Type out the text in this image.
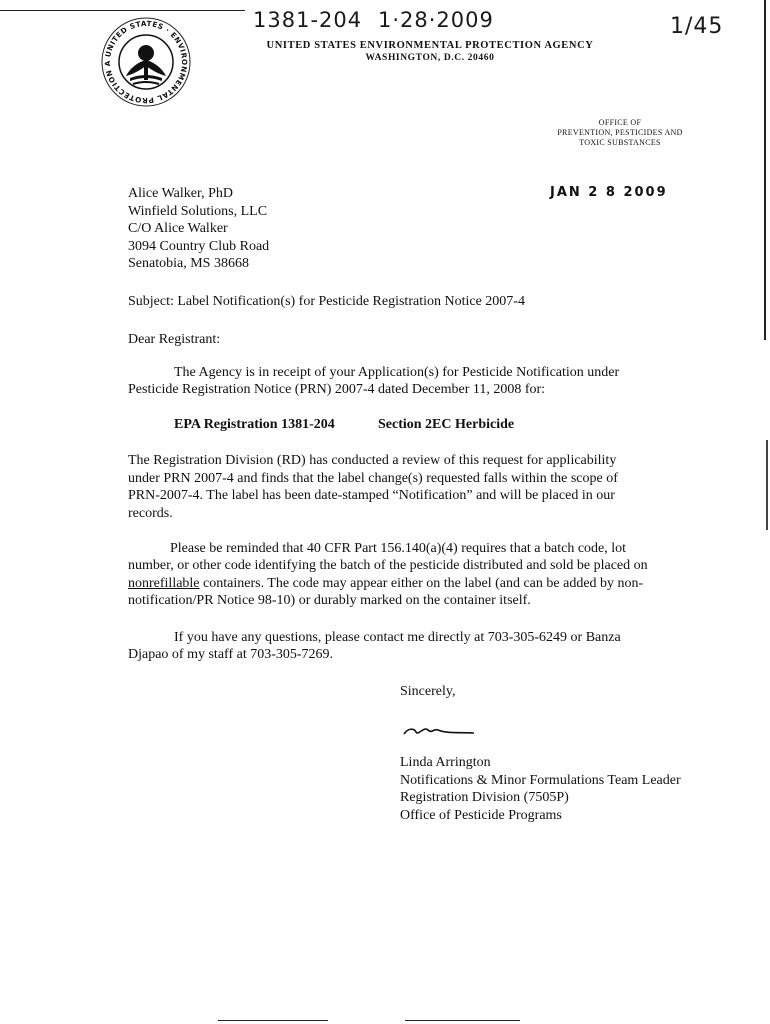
1381-204 1·28·2009	1/45
UNITED STATES · ENVIRONMENTAL PROTECTION A
UNITED STATES ENVIRONMENTAL PROTECTION AGENCY
WASHINGTON, D.C. 20460
OFFICE OF
PREVENTION, PESTICIDES AND
TOXIC SUBSTANCES
JAN 2 8 2009
Alice Walker, PhD
Winfield Solutions, LLC
C/O Alice Walker
3094 Country Club Road
Senatobia, MS 38668
Subject: Label Notification(s) for Pesticide Registration Notice 2007-4
Dear Registrant:
The Agency is in receipt of your Application(s) for Pesticide Notification under
Pesticide Registration Notice (PRN) 2007-4 dated December 11, 2008 for:
EPA Registration 1381-204	Section 2EC Herbicide
The Registration Division (RD) has conducted a review of this request for applicability
under PRN 2007-4 and finds that the label change(s) requested falls within the scope of
PRN-2007-4. The label has been date-stamped “Notification” and will be placed in our
records.
Please be reminded that 40 CFR Part 156.140(a)(4) requires that a batch code, lot
number, or other code identifying the batch of the pesticide distributed and sold be placed on
nonrefillable containers. The code may appear either on the label (and can be added by non-
notification/PR Notice 98-10) or durably marked on the container itself.
If you have any questions, please contact me directly at 703-305-6249 or Banza
Djapao of my staff at 703-305-7269.
Sincerely,
Linda Arrington
Notifications & Minor Formulations Team Leader
Registration Division (7505P)
Office of Pesticide Programs
